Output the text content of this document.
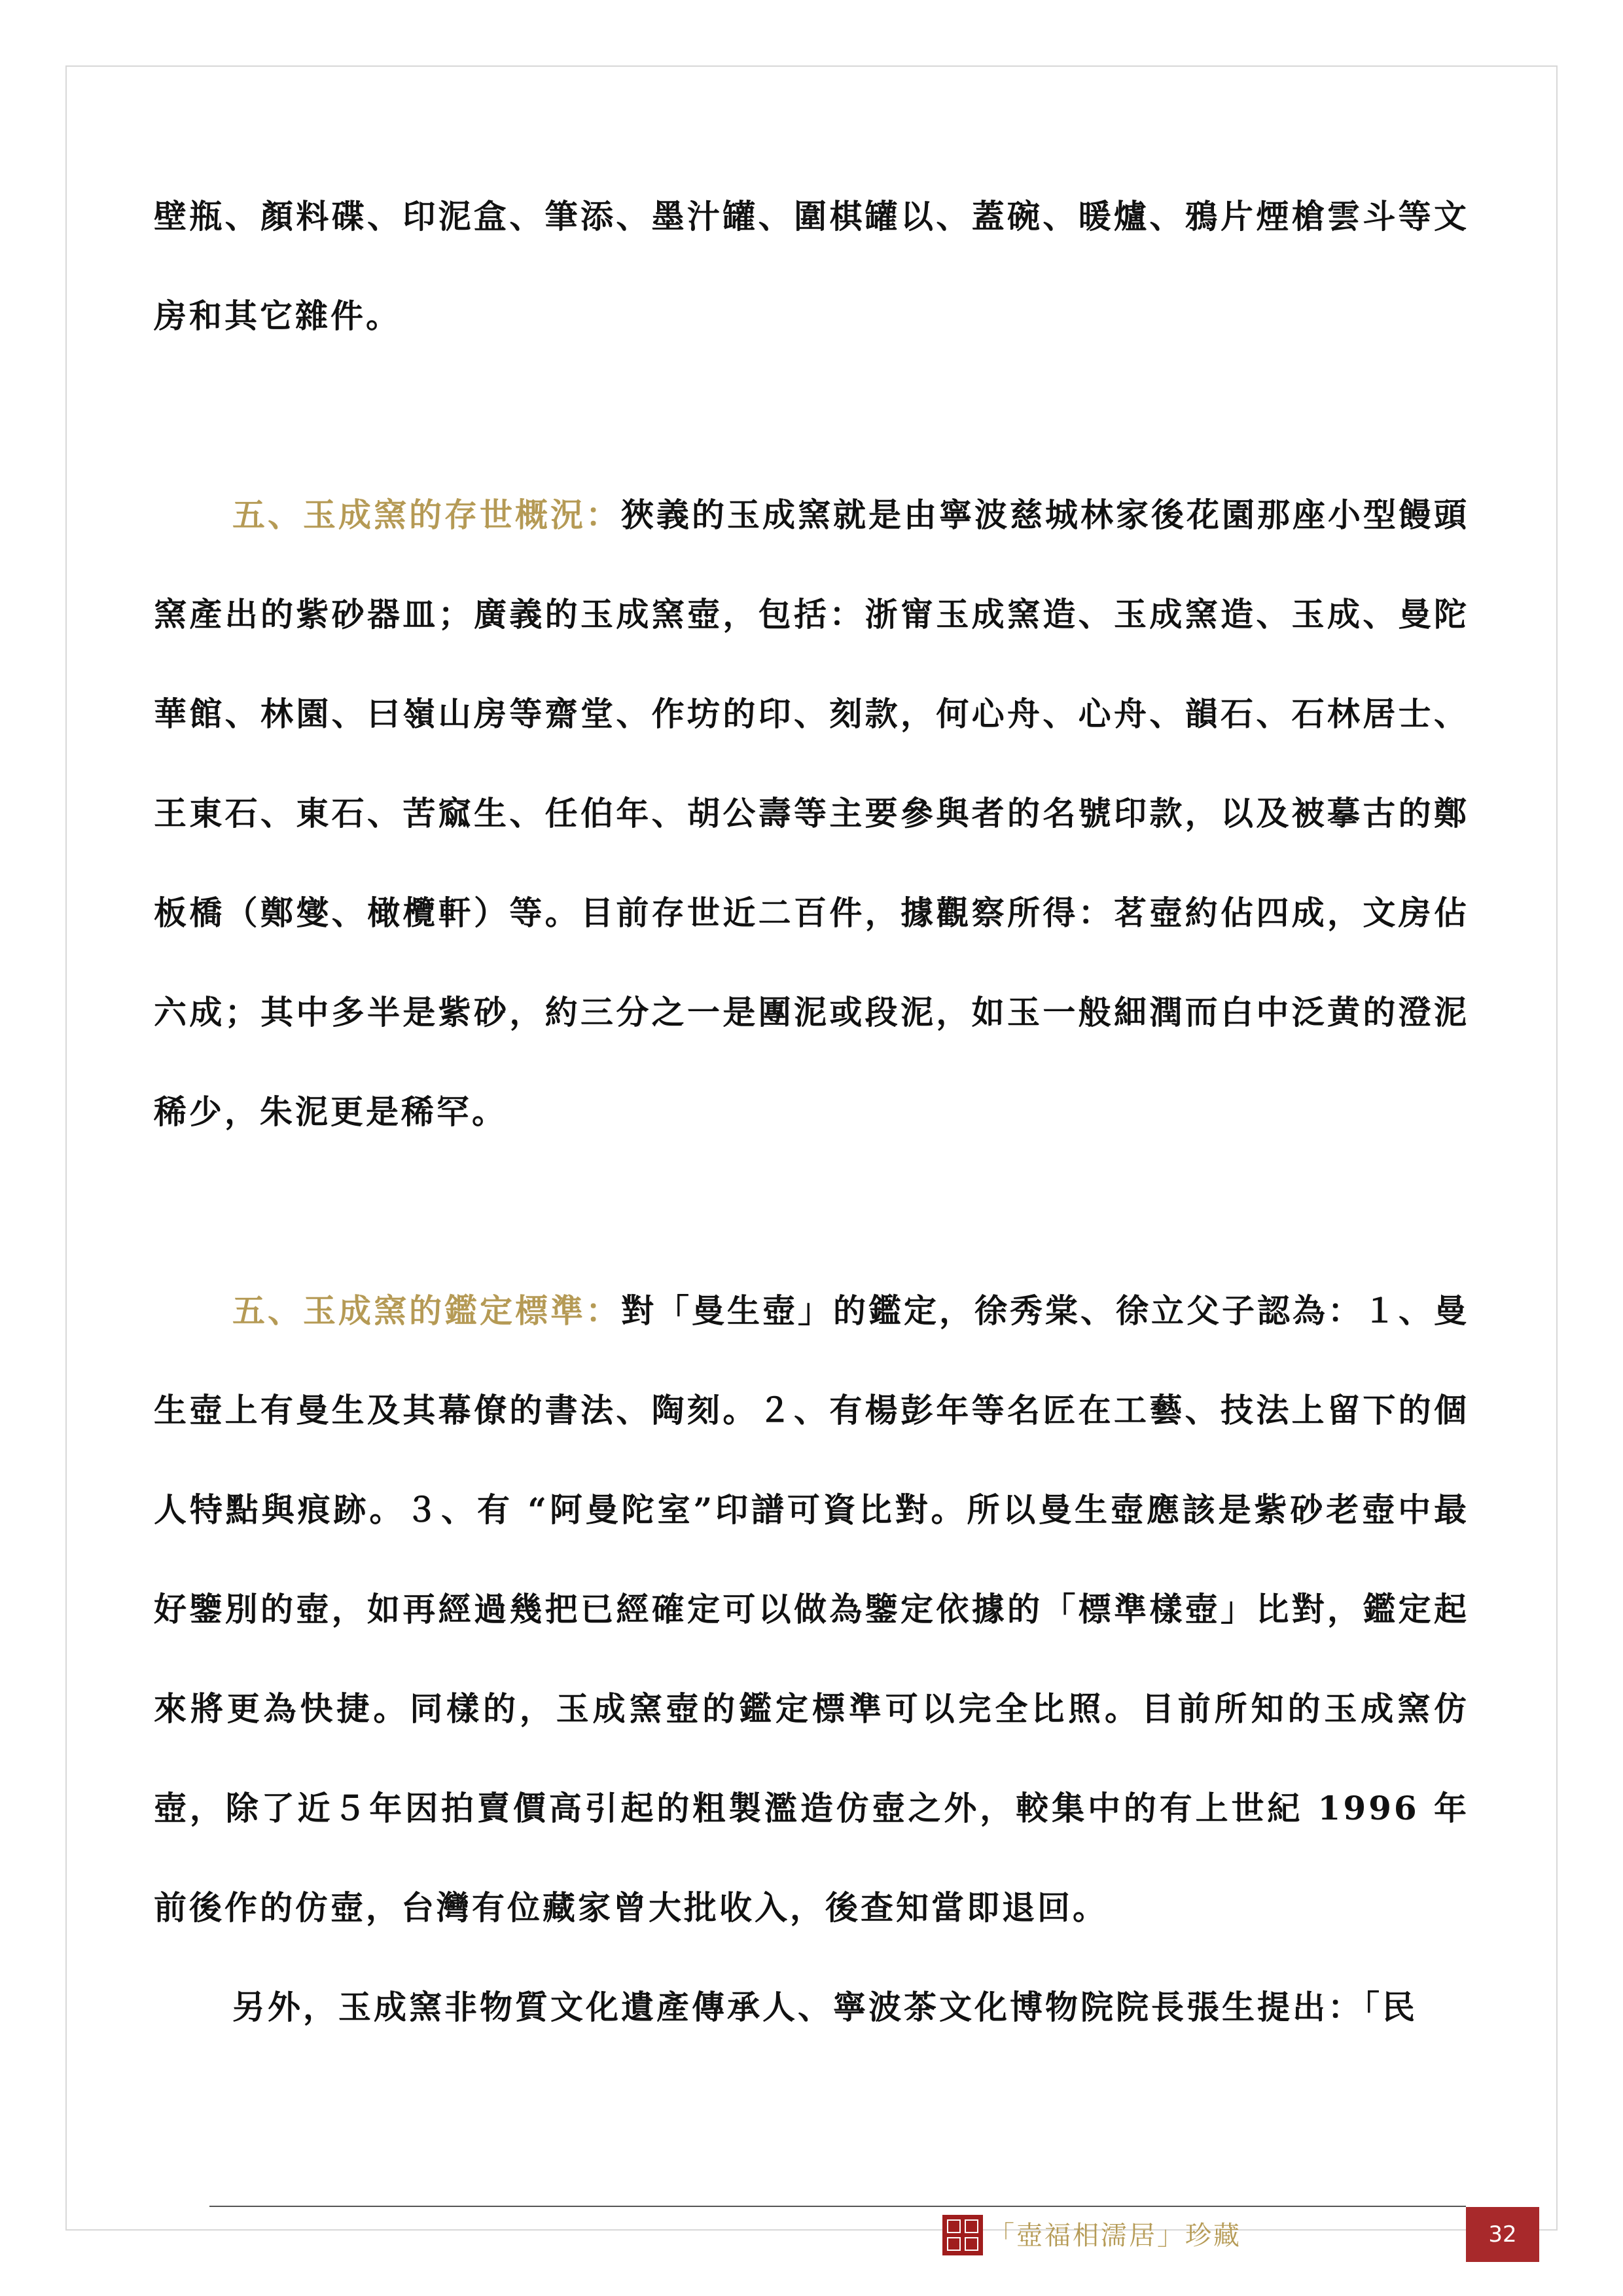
壁瓶、顏料碟、印泥盒、筆添、墨汁罐、圍棋罐以、蓋碗、暖爐、鴉片煙槍雲斗等文房和其它雜件。

五、玉成窯的存世概況：狹義的玉成窯就是由寧波慈城林家後花園那座小型饅頭窯產出的紫砂器皿；廣義的玉成窯壺，包括：浙甯玉成窯造、玉成窯造、玉成、曼陀華館、林園、曰嶺山房等齋堂、作坊的印、刻款，何心舟、心舟、韻石、石林居士、王東石、東石、苦窳生、任伯年、胡公壽等主要參與者的名號印款，以及被摹古的鄭板橋（鄭燮、橄欖軒）等。目前存世近二百件，據觀察所得：茗壺約佔四成，文房佔六成；其中多半是紫砂，約三分之一是團泥或段泥，如玉一般細潤而白中泛黄的澄泥稀少，朱泥更是稀罕。

五、玉成窯的鑑定標準：對「曼生壺」的鑑定，徐秀棠、徐立父子認為：１、曼生壺上有曼生及其幕僚的書法、陶刻。２、有楊彭年等名匠在工藝、技法上留下的個人特點與痕跡。３、有 “阿曼陀室”印譜可資比對。所以曼生壺應該是紫砂老壺中最好鑒別的壺，如再經過幾把已經確定可以做為鑒定依據的「標準樣壺」比對，鑑定起來將更為快捷。同樣的，玉成窯壺的鑑定標準可以完全比照。目前所知的玉成窯仿壺，除了近５年因拍賣價高引起的粗製濫造仿壺之外，較集中的有上世紀 1996 年前後作的仿壺，台灣有位藏家曾大批收入，後查知當即退回。

另外，玉成窯非物質文化遺產傳承人、寧波茶文化博物院院長張生提出：「民

「壺福相濡居」珍藏	32
